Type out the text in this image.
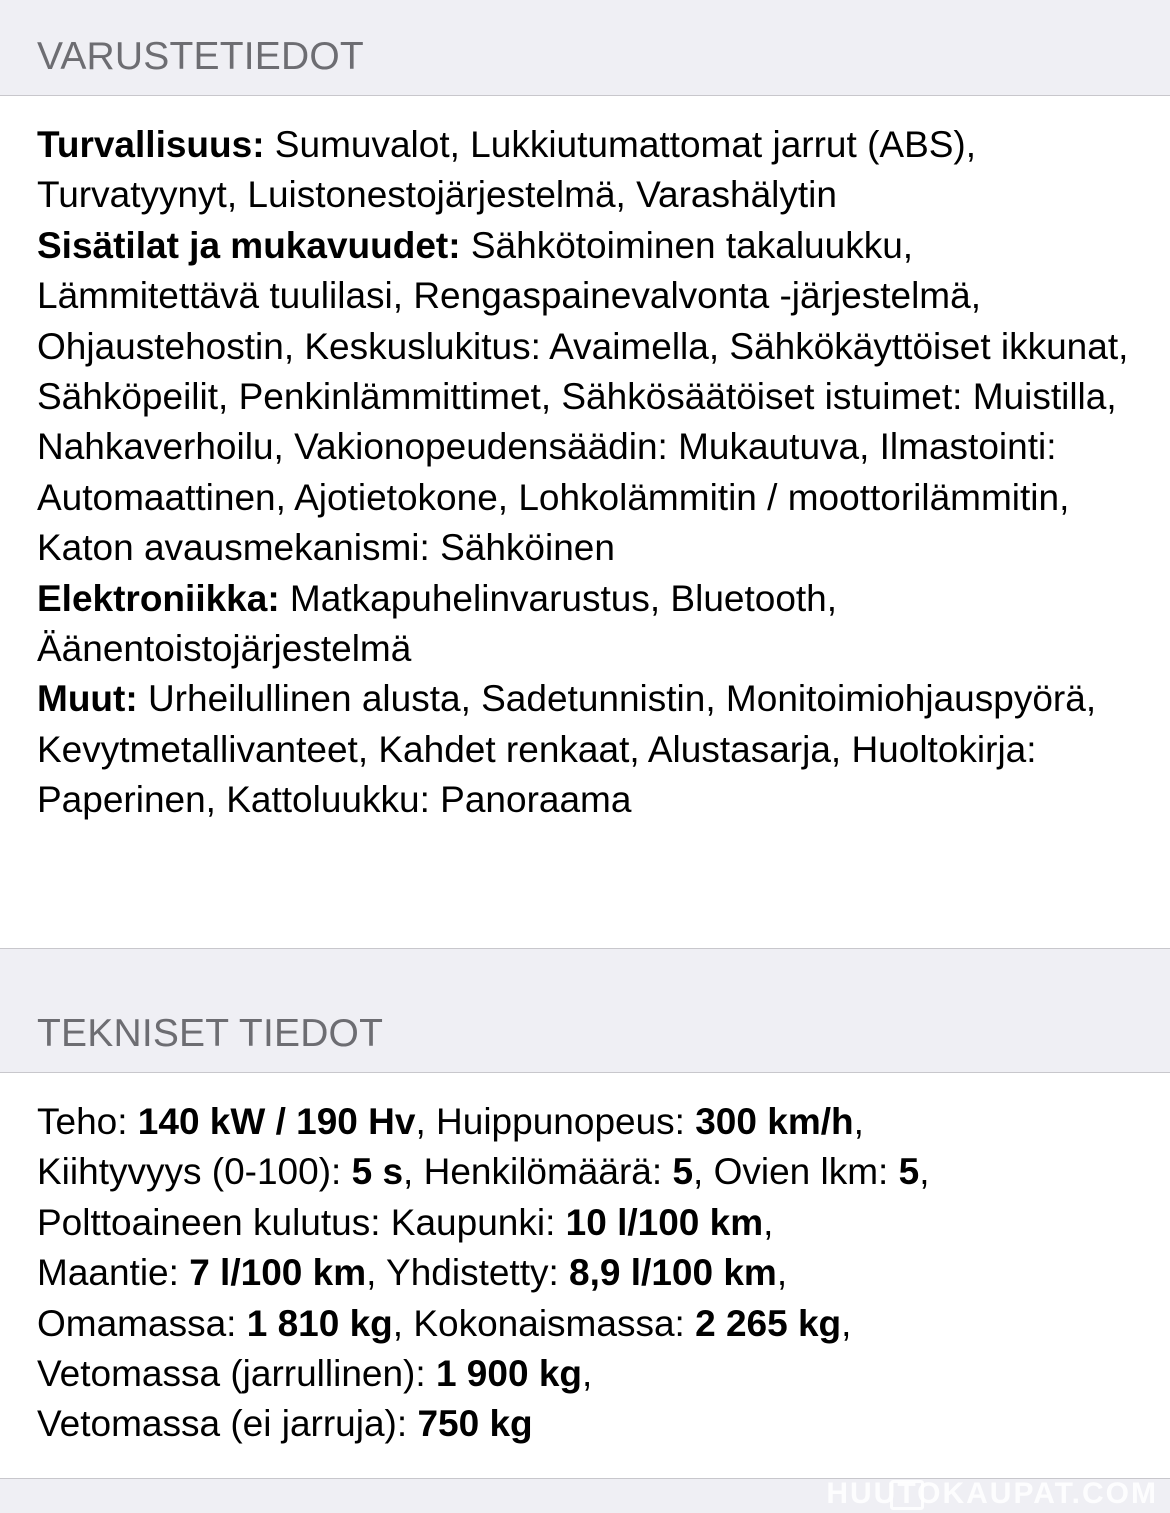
VARUSTETIEDOT

Turvallisuus: Sumuvalot, Lukkiutumattomat jarrut (ABS), Turvatyynyt, Luistonestojärjestelmä, Varashälytin
Sisätilat ja mukavuudet: Sähkötoiminen takaluukku, Lämmitettävä tuulilasi, Rengaspainevalvonta -järjestelmä, Ohjaustehostin, Keskuslukitus: Avaimella, Sähkökäyttöiset ikkunat, Sähköpeilit, Penkinlämmittimet, Sähkösäätöiset istuimet: Muistilla, Nahkaverhoilu, Vakionopeudensäädin: Mukautuva, Ilmastointi: Automaattinen, Ajotietokone, Lohkolämmitin / moottorilämmitin, Katon avausmekanismi: Sähköinen
Elektroniikka: Matkapuhelinvarustus, Bluetooth, Äänentoistojärjestelmä
Muut: Urheilullinen alusta, Sadetunnistin, Monitoimiohjauspyörä, Kevytmetallivanteet, Kahdet renkaat, Alustasarja, Huoltokirja: Paperinen, Kattoluukku: Panoraama

TEKNISET TIEDOT

Teho: 140 kW / 190 Hv, Huippunopeus: 300 km/h,
Kiihtyvyys (0-100): 5 s, Henkilömäärä: 5, Ovien lkm: 5,
Polttoaineen kulutus: Kaupunki: 10 l/100 km,
Maantie: 7 l/100 km, Yhdistetty: 8,9 l/100 km,
Omamassa: 1 810 kg, Kokonaismassa: 2 265 kg,
Vetomassa (jarrullinen): 1 900 kg,
Vetomassa (ei jarruja): 750 kg

HUUTOKAUPAT.COM
